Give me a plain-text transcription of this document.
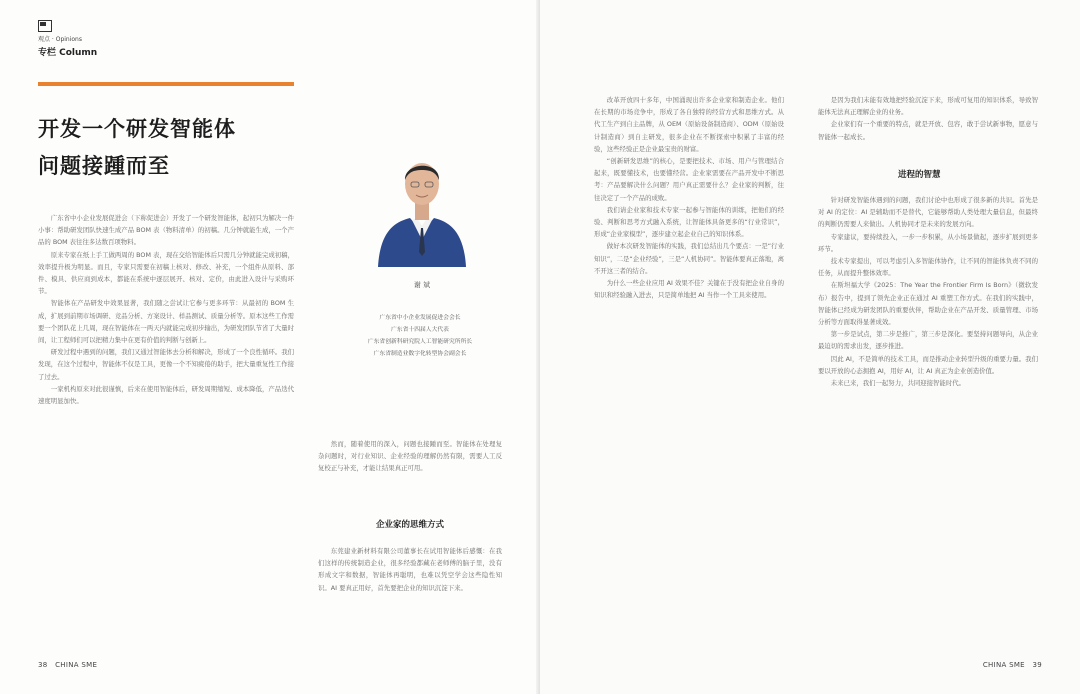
观点 · Opinions
专栏 Column
开发一个研发智能体
问题接踵而至
谢 斌
广东省中小企业发展促进会会长
广东省十四届人大代表
广东省创新科研究院人工智能研究所所长
广东省制造业数字化转型协会副会长

广东省中小企业发展促进会（下称促进会）开发了一个研发智能体，起初只为解决一件小事：帮助研发团队快速生成产品 BOM 表（物料清单）的初稿。几分钟就能生成，一个产品的 BOM 表往往多达数百项物料。

原来专家在纸上手工做两周的 BOM 表，现在交给智能体后只需几分钟就能完成初稿，效率提升极为明显。而且，专家只需要在初稿上核对、修改、补充，一个组件从原料、部件、模具、供应商到成本，都能在系统中逐层展开、核对、定价，由此进入设计与采购环节。

智能体在产品研发中效果显著，我们随之尝试让它参与更多环节：从最初的 BOM 生成，扩展到前期市场调研、竞品分析、方案设计、样品测试、质量分析等。原本这些工作需要一个团队花上几周，现在智能体在一两天内就能完成初步输出，为研发团队节省了大量时间，让工程师们可以把精力集中在更有价值的判断与创新上。

研发过程中遇到的问题，我们又通过智能体去分析和解决，形成了一个良性循环。我们发现，在这个过程中，智能体不仅是工具，更像一个不知疲倦的助手，把大量重复性工作接了过去。

一家机构原来对此很谨慎，后来在使用智能体后，研发周期缩短、成本降低，产品迭代速度明显加快。

然而，随着使用的深入，问题也接踵而至。智能体在处理复杂问题时，对行业知识、企业经验的理解仍然有限，需要人工反复校正与补充，才能让结果真正可用。

企业家的思维方式

东莞建业新材料有限公司董事长在试用智能体后感慨：在我们这样的传统制造企业，很多经验都藏在老师傅的脑子里，没有形成文字和数据，智能体再聪明，也难以凭空学会这些隐性知识。AI 要真正用好，首先要把企业的知识沉淀下来。

38 CHINA SME

改革开放四十多年，中国涌现出许多企业家和制造企业。他们在长期的市场竞争中，形成了各自独特的经营方式和思维方式。从代工生产到自主品牌，从 OEM（原始设备制造商）、ODM（原始设计制造商）到自主研发，很多企业在不断探索中积累了丰富的经验，这些经验正是企业最宝贵的财富。

“创新研发思维”的核心，是要把技术、市场、用户与管理结合起来，既要懂技术，也要懂经营。企业家需要在产品开发中不断思考：产品要解决什么问题？用户真正需要什么？企业家的判断，往往决定了一个产品的成败。

我们请企业家和技术专家一起参与智能体的训练，把他们的经验、判断和思考方式融入系统，让智能体具备更多的“行业常识”，形成“企业家模型”，逐步建立起企业自己的知识体系。

做好本次研发智能体的实践，我们总结出几个要点：一是“行业知识”，二是“企业经验”，三是“人机协同”。智能体要真正落地，离不开这三者的结合。

为什么一些企业应用 AI 效果不佳？关键在于没有把企业自身的知识和经验融入进去，只是简单地把 AI 当作一个工具来使用。

是因为我们未能有效地把经验沉淀下来，形成可复用的知识体系，导致智能体无法真正理解企业的业务。

企业家们有一个重要的特点，就是开放、包容，敢于尝试新事物，愿意与智能体一起成长。

进程的智慧

针对研发智能体遇到的问题，我们讨论中也形成了很多新的共识。首先是对 AI 的定位：AI 是辅助而不是替代，它能够帮助人类处理大量信息，但最终的判断仍需要人来做出。人机协同才是未来的发展方向。

专家建议，要持续投入，一步一步积累，从小场景做起，逐步扩展到更多环节。

技术专家提出，可以考虑引入多智能体协作，让不同的智能体负责不同的任务，从而提升整体效率。

在斯坦福大学《2025：The Year the Frontier Firm Is Born》（微软发布）报告中，提到了领先企业正在通过 AI 重塑工作方式。在我们的实践中，智能体已经成为研发团队的重要伙伴，帮助企业在产品开发、质量管理、市场分析等方面取得显著成效。

第一步是试点，第二步是推广，第三步是深化。要坚持问题导向，从企业最迫切的需求出发，逐步推进。

因此 AI，不是简单的技术工具，而是推动企业转型升级的重要力量。我们要以开放的心态拥抱 AI，用好 AI，让 AI 真正为企业创造价值。

未来已来，我们一起努力，共同迎接智能时代。

CHINA SME 39
